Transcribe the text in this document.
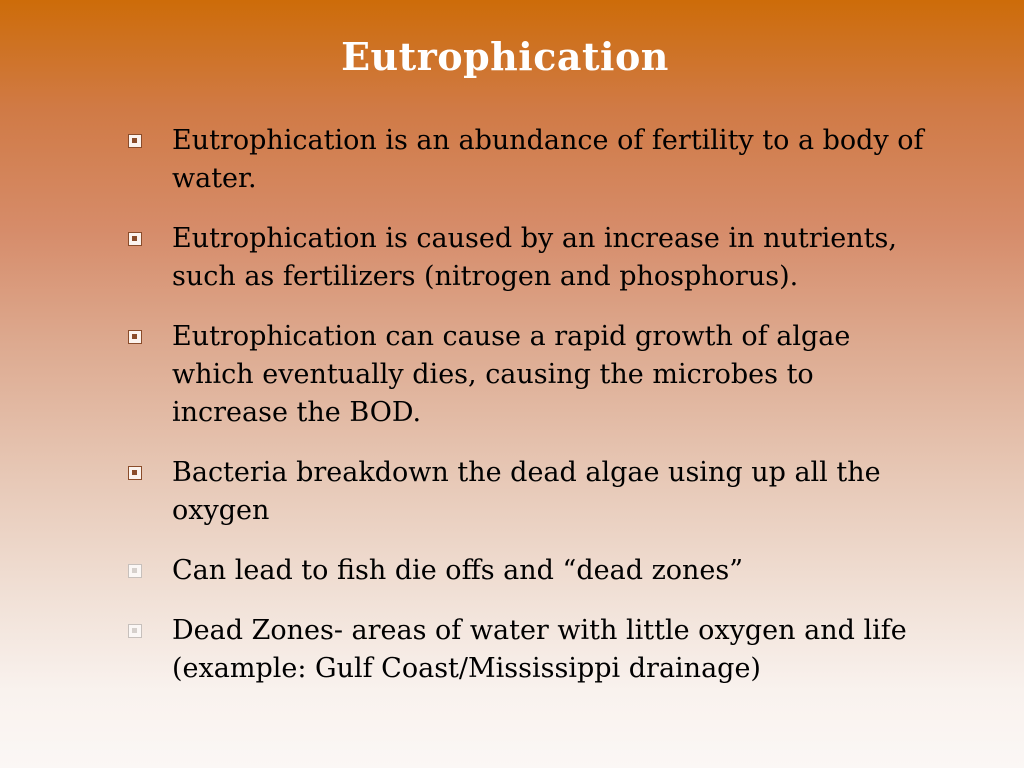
Eutrophication
Eutrophication is an abundance of fertility to a body of water.
Eutrophication is caused by an increase in nutrients, such as fertilizers (nitrogen and phosphorus).
Eutrophication can cause a rapid growth of algae which eventually dies, causing the microbes to increase the BOD.
Bacteria breakdown the dead algae using up all the oxygen
Can lead to fish die offs and “dead zones”
Dead Zones- areas of water with little oxygen and life (example: Gulf Coast/Mississippi drainage)
